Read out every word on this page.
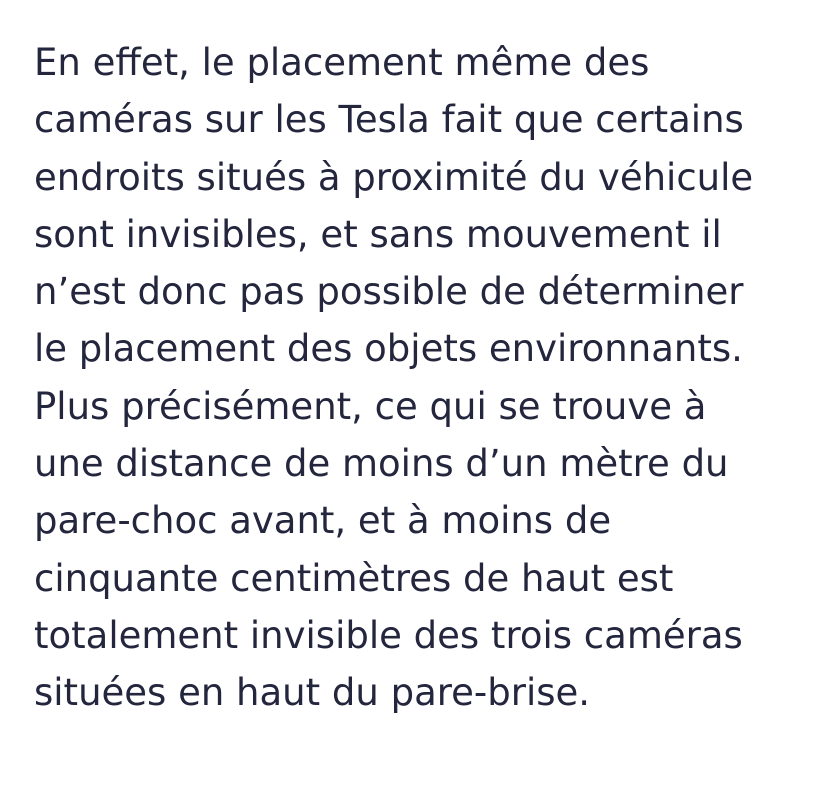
En effet, le placement même des
caméras sur les Tesla fait que certains
endroits situés à proximité du véhicule
sont invisibles, et sans mouvement il
n’est donc pas possible de déterminer
le placement des objets environnants.
Plus précisément, ce qui se trouve à
une distance de moins d’un mètre du
pare-choc avant, et à moins de
cinquante centimètres de haut est
totalement invisible des trois caméras
situées en haut du pare-brise.
